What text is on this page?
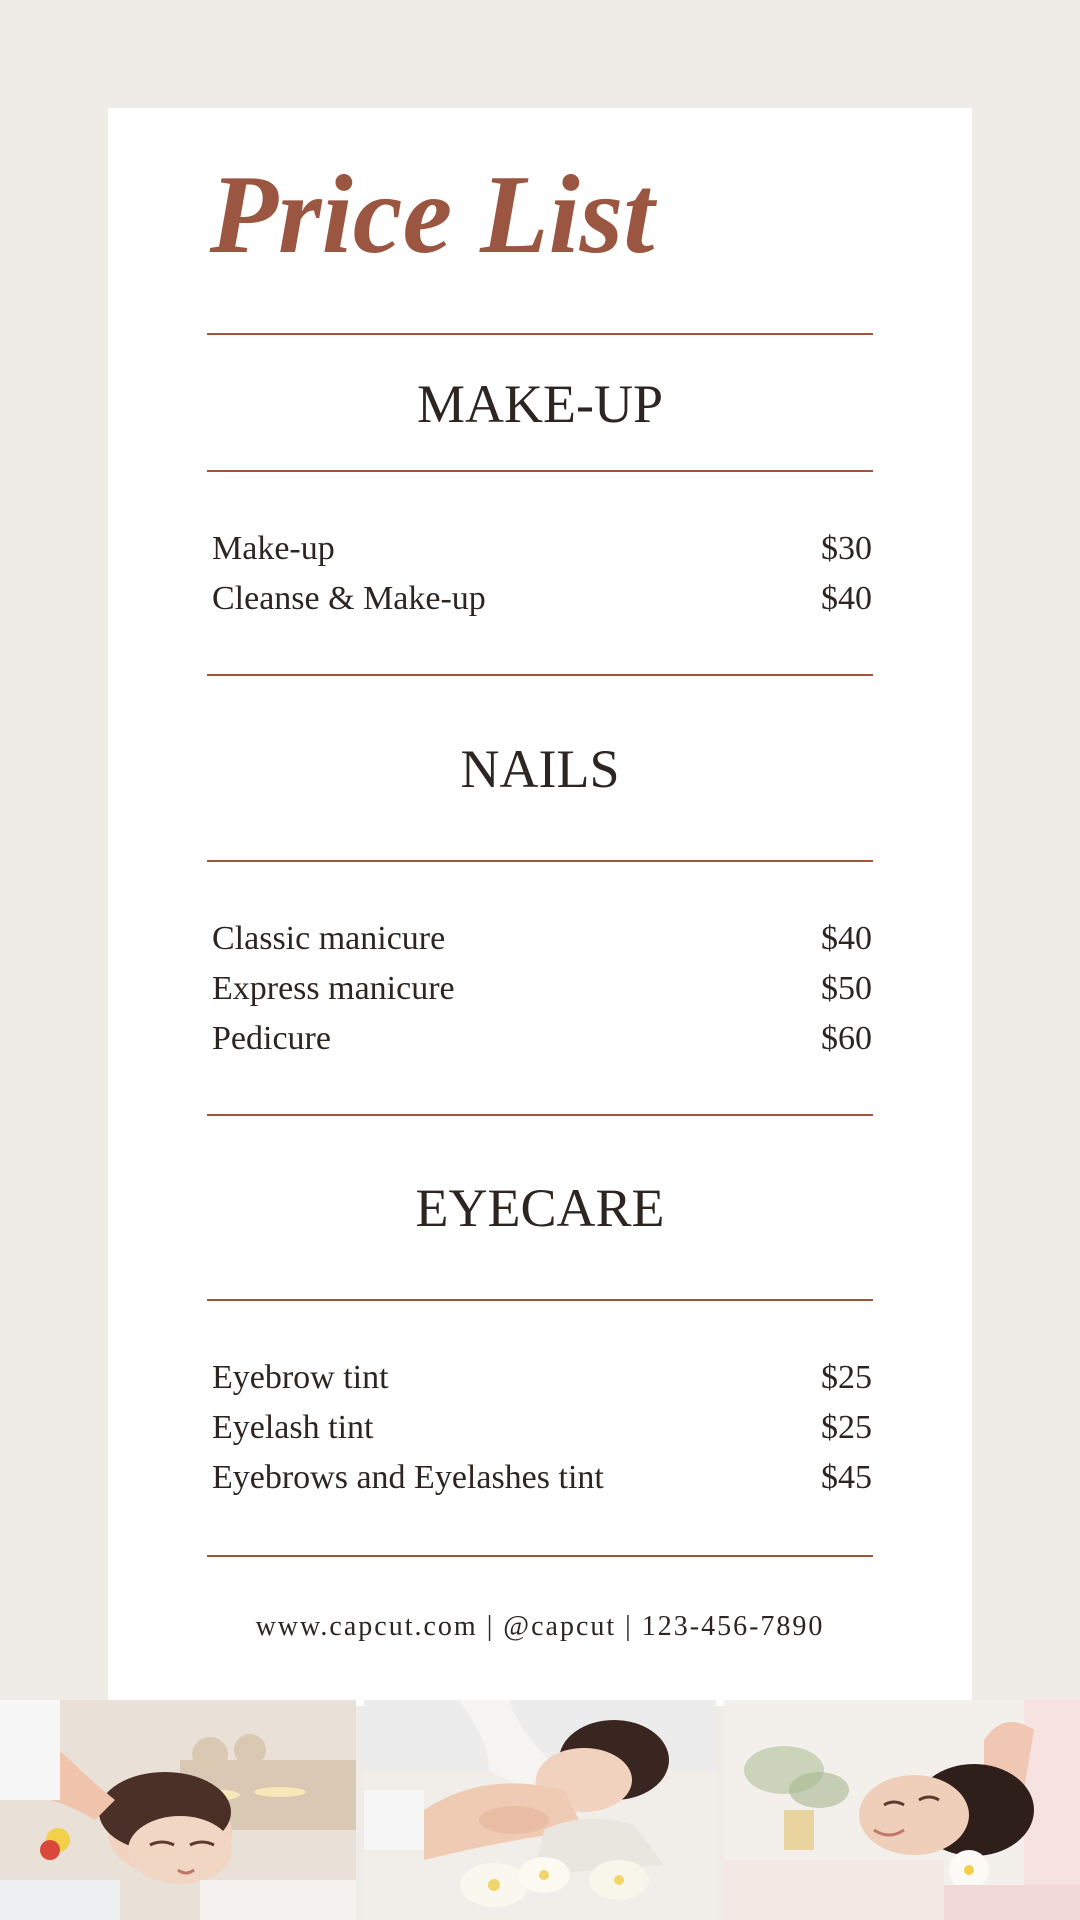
Price List
MAKE-UP
Make-up	$30
Cleanse & Make-up	$40
NAILS
Classic manicure	$40
Express manicure	$50
Pedicure	$60
EYECARE
Eyebrow tint	$25
Eyelash tint	$25
Eyebrows and Eyelashes tint	$45
www.capcut.com | @capcut | 123-456-7890
